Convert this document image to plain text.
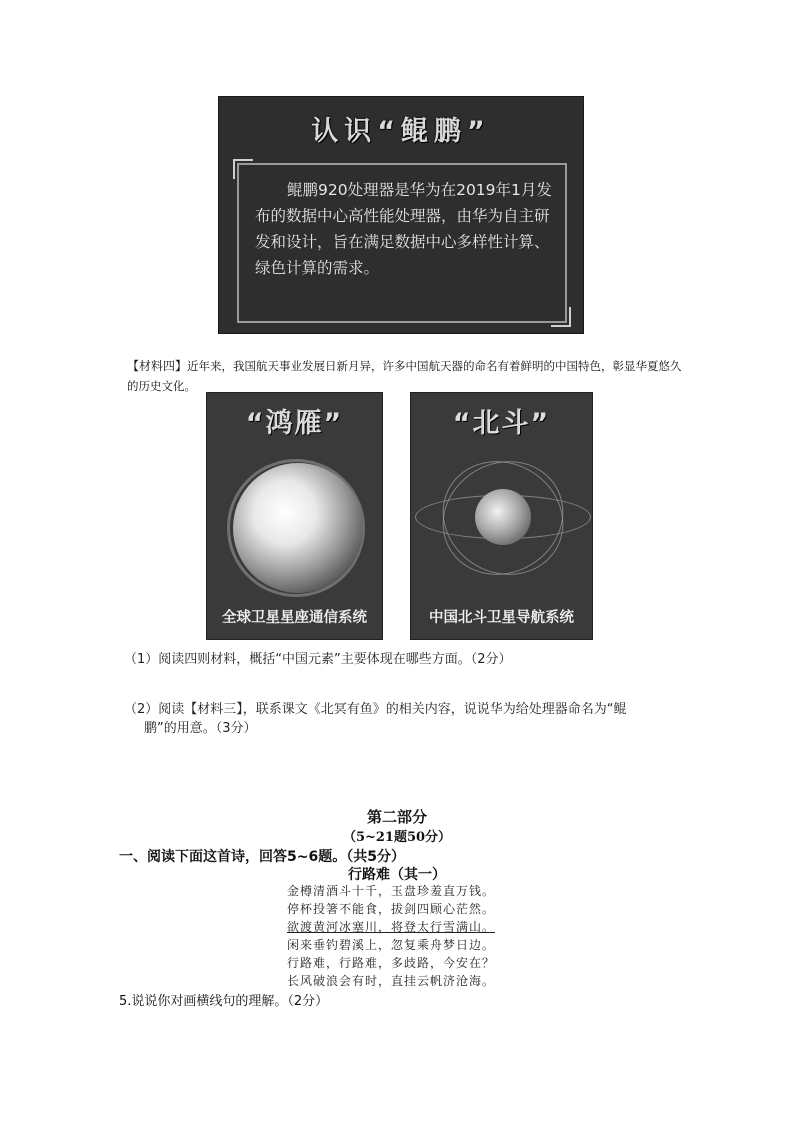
认识“鲲鹏”
鲲鹏920处理器是华为在2019年1月发布的数据中心高性能处理器，由华为自主研发和设计，旨在满足数据中心多样性计算、绿色计算的需求。
【材料四】近年来，我国航天事业发展日新月异，许多中国航天器的命名有着鲜明的中国特色，彰显华夏悠久的历史文化。
“鸿雁”
全球卫星星座通信系统
“北斗”
中国北斗卫星导航系统
（1）阅读四则材料，概括“中国元素”主要体现在哪些方面。（2分）
（2）阅读【材料三】，联系课文《北冥有鱼》的相关内容，说说华为给处理器命名为“鲲
鹏”的用意。（3分）
第二部分
（5~21题50分）
一、阅读下面这首诗，回答5~6题。（共5分）
行路难（其一）
金樽清酒斗十千，玉盘珍羞直万钱。
停杯投箸不能食，拔剑四顾心茫然。
欲渡黄河冰塞川，将登太行雪满山。
闲来垂钓碧溪上，忽复乘舟梦日边。
行路难，行路难，多歧路，今安在？
长风破浪会有时，直挂云帆济沧海。
5.说说你对画横线句的理解。（2分）
